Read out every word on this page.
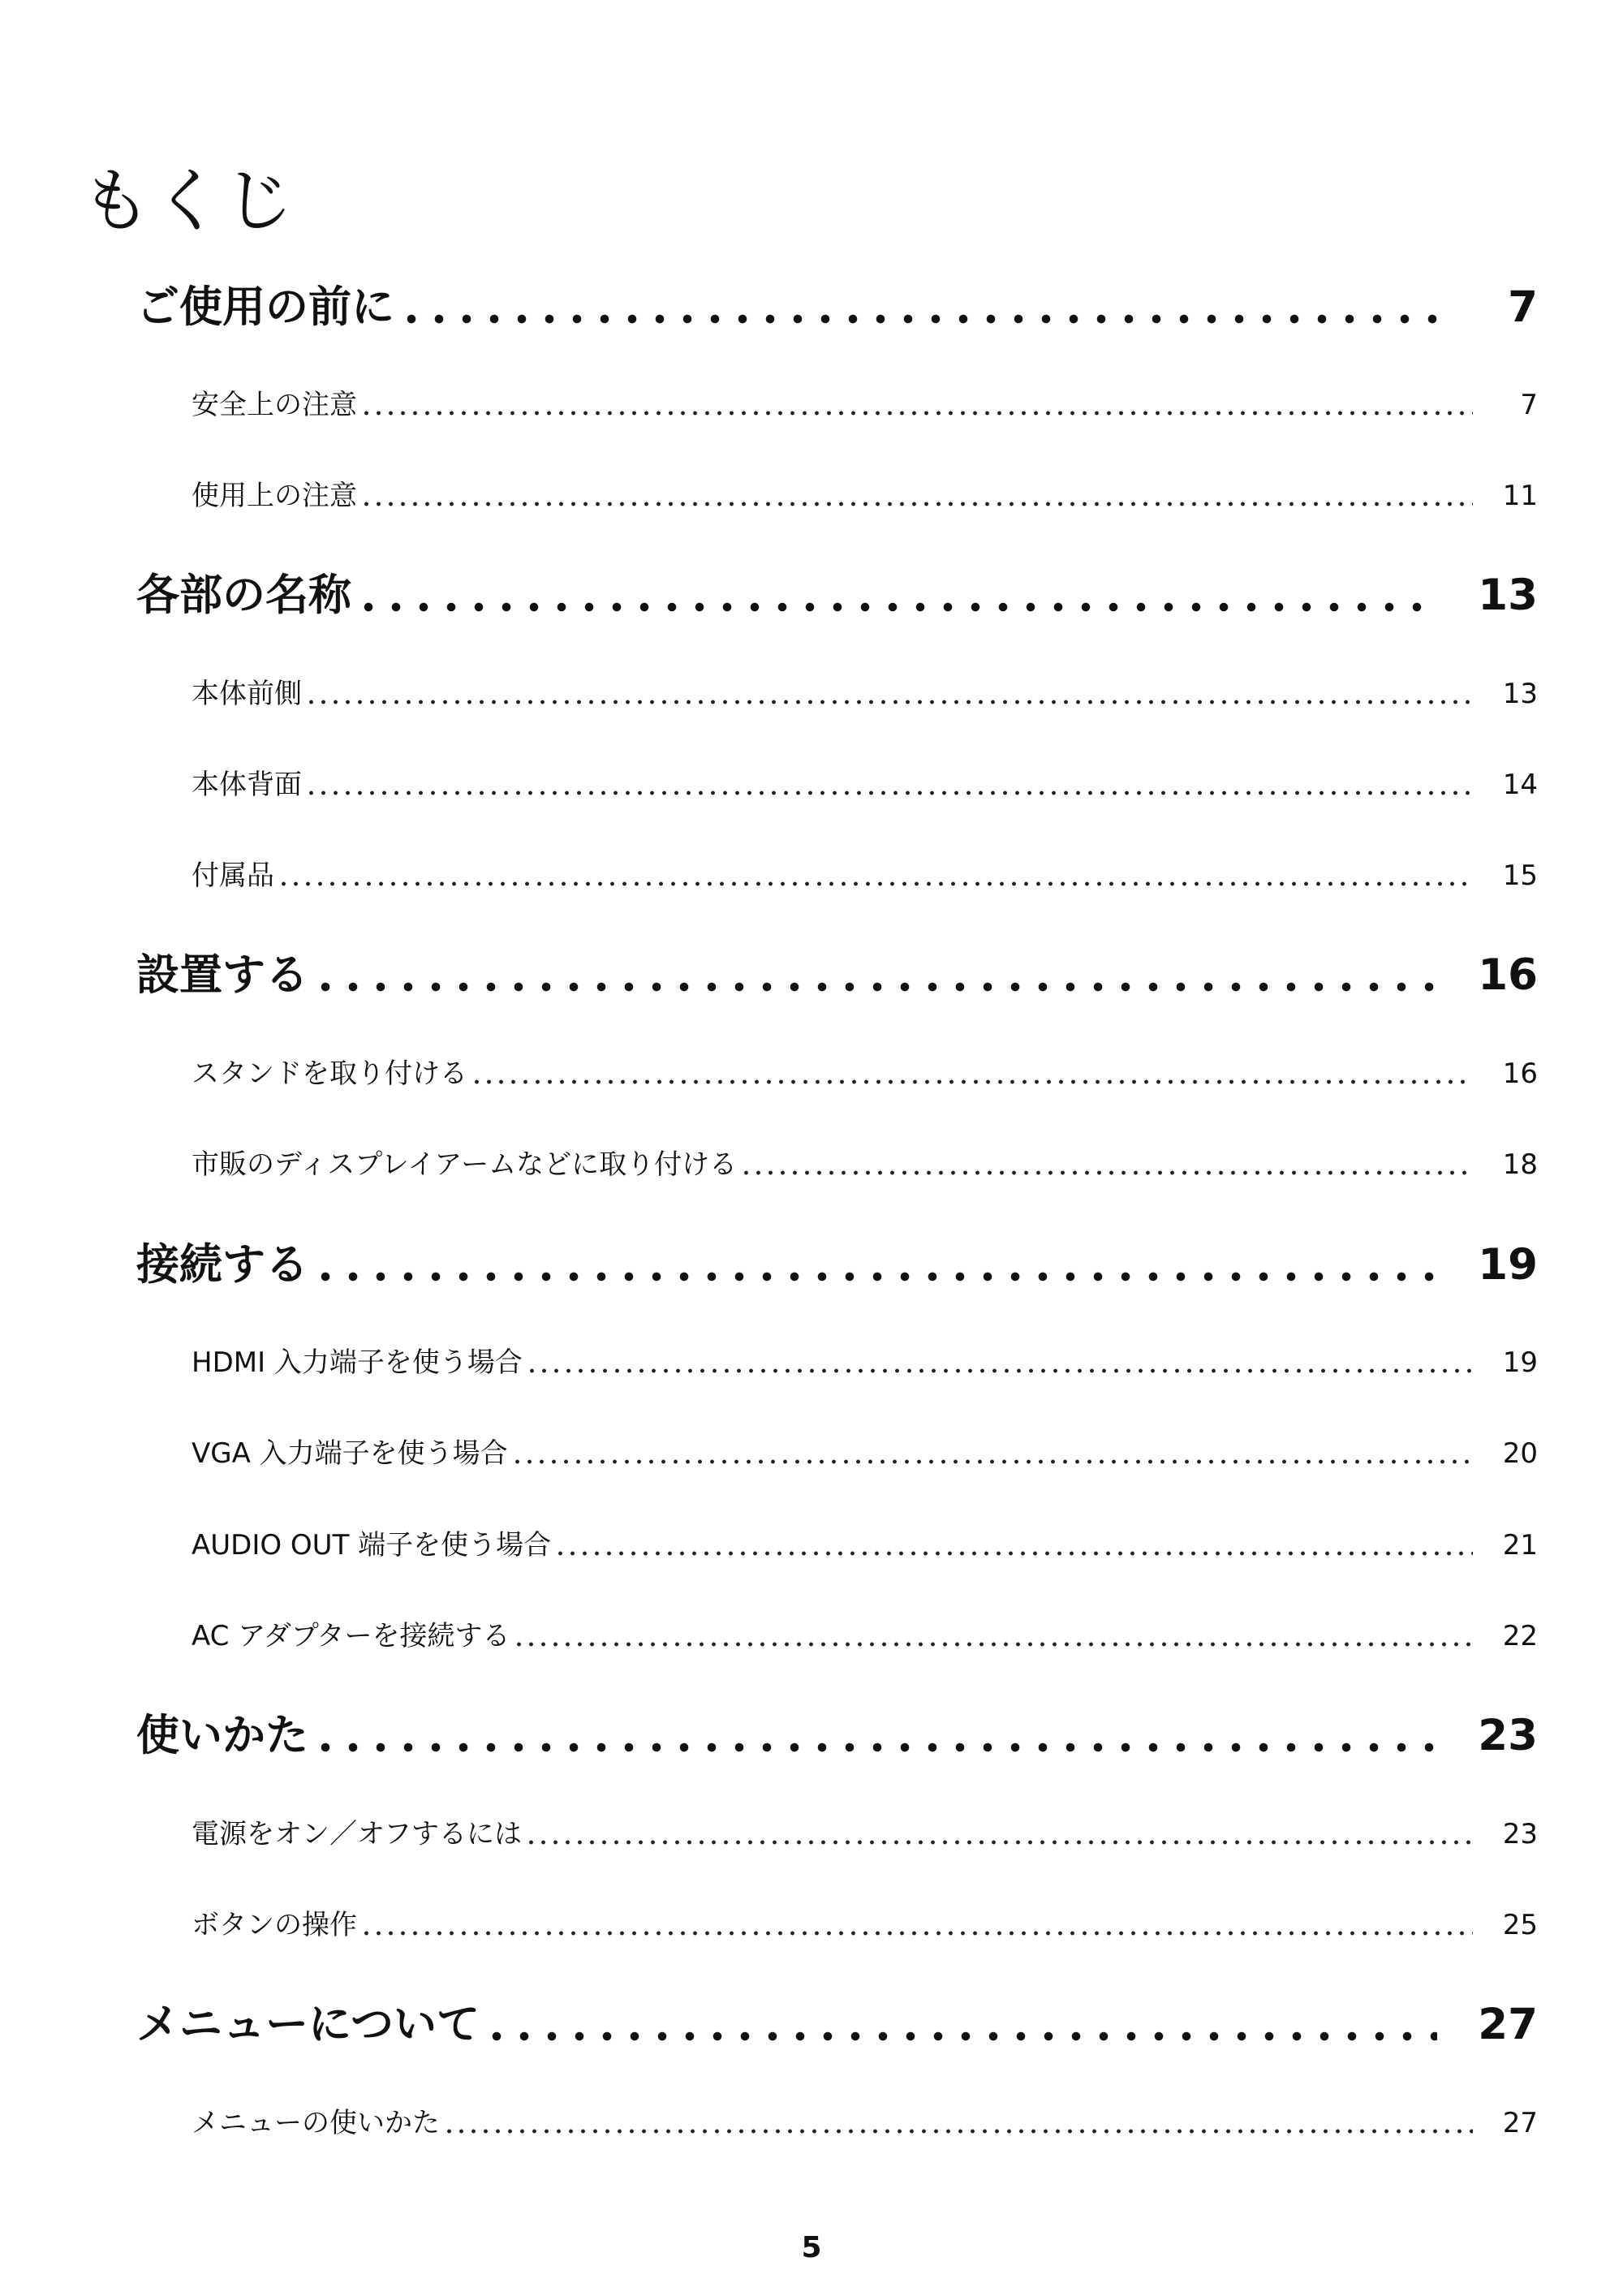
もくじ
ご使用の前に	7
安全上の注意	7
使用上の注意	11
各部の名称	13
本体前側	13
本体背面	14
付属品	15
設置する	16
スタンドを取り付ける	16
市販のディスプレイアームなどに取り付ける	18
接続する	19
HDMI 入力端子を使う場合	19
VGA 入力端子を使う場合	20
AUDIO OUT 端子を使う場合	21
AC アダプターを接続する	22
使いかた	23
電源をオン／オフするには	23
ボタンの操作	25
メニューについて	27
メニューの使いかた	27
5
